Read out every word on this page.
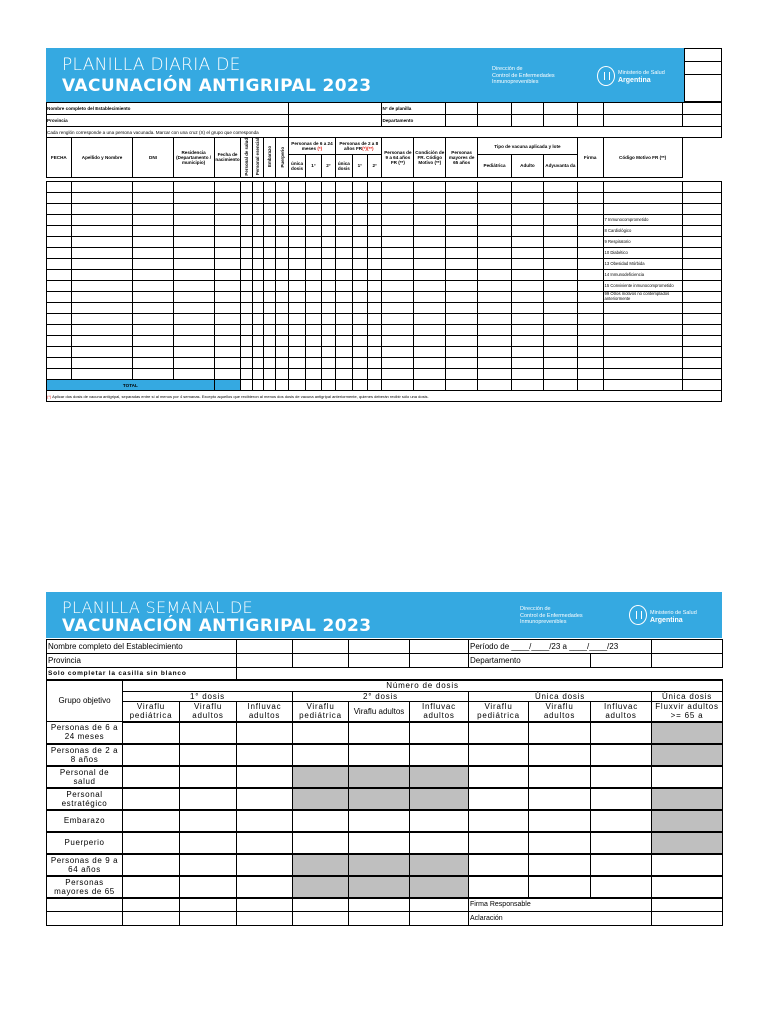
PLANILLA DIARIA DE
VACUNACIÓN ANTIGRIPAL 2023
Dirección de
Control de Enfermedades
Inmunoprevenibles
Ministerio de Salud
Argentina

Nombre completo del Establecimiento															N° de planilla								
Provincia															Departamento								
Cada renglón corresponde a una persona vacunada. Marcar con una cruz (X) el grupo que corresponda																							
FECHA	Apellido y Nombre	DNI	Residencia (Departamento / municipio)	Fecha de nacimiento	Personal de salud	Personal esencial	Embarazo	Puerperio	Personas de 6 a 24 meses (*)			Personas de 2 a 8 años FR(*)(**)			Personas de 9 a 64 años FR (**)	Condición de FR. Código Motivo (**)	Personas mayores de 65 años	Tipo de vacuna aplicada y lote			Firma	Código Motivo FR (**)	
									única dosis	1°	2°	única dosis	1°	2°				Pediátrica	Adulto	Adyuvanta da			

																						7 Inmunocomprometido	
																						8 Cardiológico	
																						9 Respiratorio	
																						10 Diabético	
																						13 Obesidad Mórbida	
																						14 Inmunodeficiencia	
																						15 Conviviente inmunocomprometido	
																						99 Otros motivos no contemplados anteriormente	

TOTAL																							
(*) Aplicar dos dosis de vacuna antigripal, separadas entre sí al menos por 4 semanas. Excepto aquellos que recibieron al menos dos dosis de vacuna antigripal anteriormente, quienes deberán recibir sólo una dosis.																							
PLANILLA SEMANAL DE
VACUNACIÓN ANTIGRIPAL 2023
Dirección de
Control de Enfermedades
Inmunoprevenibles
Ministerio de Salud
Argentina
Nombre completo del Establecimiento							Período de ____/____/23 a ____/____/23			
Provincia							Departamento			
Solo completar la casilla sin blanco										
Grupo objetivo	Número de dosis									
	1° dosis			2° dosis			Única dosis			Única dosis
	Viraflu pediátrica	Viraflu adultos	Influvac adultos	Viraflu pediátrica	Viraflu adultos	Influvac adultos	Viraflu pediátrica	Viraflu adultos	Influvac adultos	Fluxvir adultos >= 65 a
Personas de 6 a 24 meses										
Personas de 2 a 8 años										
Personal de salud										
Personal estratégico										
Embarazo										
Puerperio										
Personas de 9 a 64 años										
Personas mayores de 65										
							Firma Responsable			
							Aclaración			
